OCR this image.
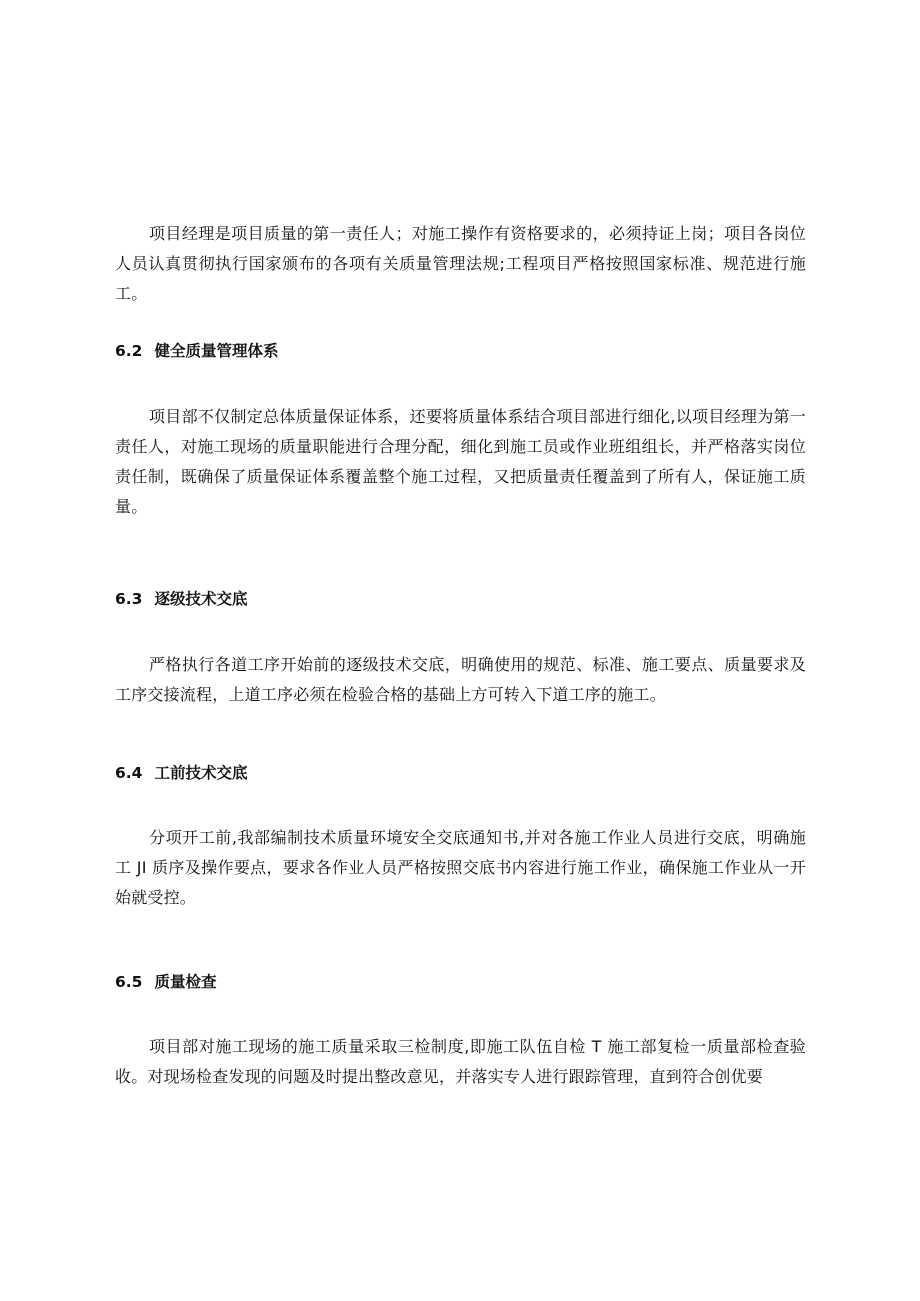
项目经理是项目质量的第一责任人；对施工操作有资格要求的，必须持证上岗；项目各岗位人员认真贯彻执行国家颁布的各项有关质量管理法规;工程项目严格按照国家标准、规范进行施工。

6.2 健全质量管理体系

项目部不仅制定总体质量保证体系，还要将质量体系结合项目部进行细化,以项目经理为第一责任人，对施工现场的质量职能进行合理分配，细化到施工员或作业班组组长，并严格落实岗位责任制，既确保了质量保证体系覆盖整个施工过程，又把质量责任覆盖到了所有人，保证施工质量。

6.3 逐级技术交底

严格执行各道工序开始前的逐级技术交底，明确使用的规范、标准、施工要点、质量要求及工序交接流程，上道工序必须在检验合格的基础上方可转入下道工序的施工。

6.4 工前技术交底

分项开工前,我部编制技术质量环境安全交底通知书,并对各施工作业人员进行交底，明确施工 JI 质序及操作要点，要求各作业人员严格按照交底书内容进行施工作业，确保施工作业从一开始就受控。

6.5 质量检查

项目部对施工现场的施工质量采取三检制度,即施工队伍自检 T 施工部复检一质量部检查验收。对现场检查发现的问题及时提出整改意见，并落实专人进行跟踪管理，直到符合创优要
